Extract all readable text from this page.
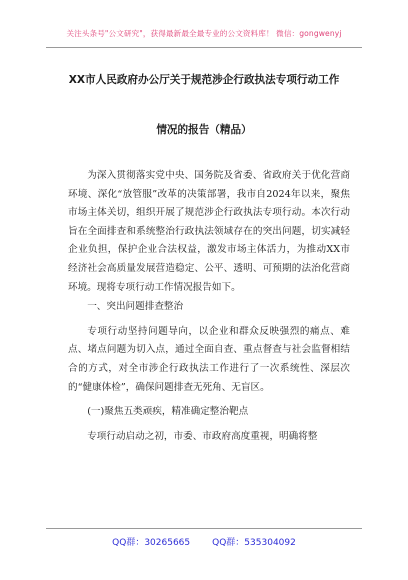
关注头条号"公文研究"，获得最新最全最专业的公文资料库！ 微信：gongwenyj
XX市人民政府办公厅关于规范涉企行政执法专项行动工作
情况的报告（精品）

为深入贯彻落实党中央、国务院及省委、省政府关于优化营商环境、深化“放管服”改革的决策部署，我市自2024年以来，聚焦市场主体关切，组织开展了规范涉企行政执法专项行动。本次行动旨在全面排查和系统整治行政执法领域存在的突出问题，切实减轻企业负担，保护企业合法权益，激发市场主体活力，为推动XX市经济社会高质量发展营造稳定、公平、透明、可预期的法治化营商环境。现将专项行动工作情况报告如下。

一、突出问题排查整治

专项行动坚持问题导向，以企业和群众反映强烈的痛点、难点、堵点问题为切入点，通过全面自查、重点督查与社会监督相结合的方式，对全市涉企行政执法工作进行了一次系统性、深层次的“健康体检”，确保问题排查无死角、无盲区。

(一)聚焦五类顽疾，精准确定整治靶点

专项行动启动之初，市委、市政府高度重视，明确将整

QQ群：30265665 QQ群：535304092
